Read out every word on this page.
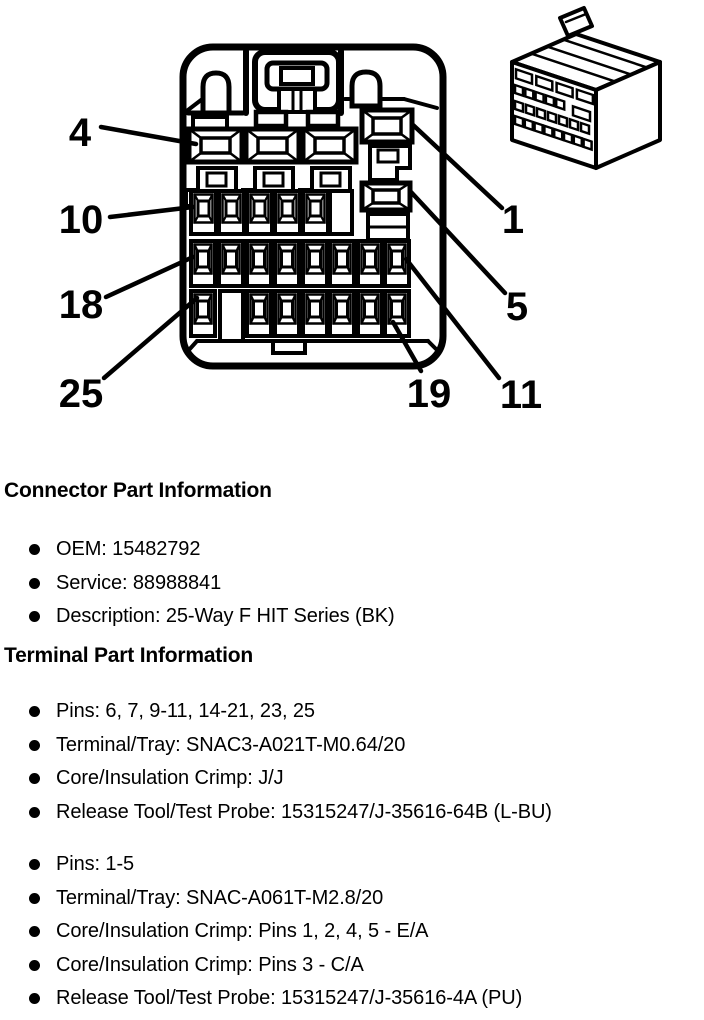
4
10
18
25
1
5
19 11
Connector Part Information
OEM: 15482792
Service: 88988841
Description: 25-Way F HIT Series (BK)
Terminal Part Information
Pins: 6, 7, 9-11, 14-21, 23, 25
Terminal/Tray: SNAC3-A021T-M0.64/20
Core/Insulation Crimp: J/J
Release Tool/Test Probe: 15315247/J-35616-64B (L-BU)
Pins: 1-5
Terminal/Tray: SNAC-A061T-M2.8/20
Core/Insulation Crimp: Pins 1, 2, 4, 5 - E/A
Core/Insulation Crimp: Pins 3 - C/A
Release Tool/Test Probe: 15315247/J-35616-4A (PU)
